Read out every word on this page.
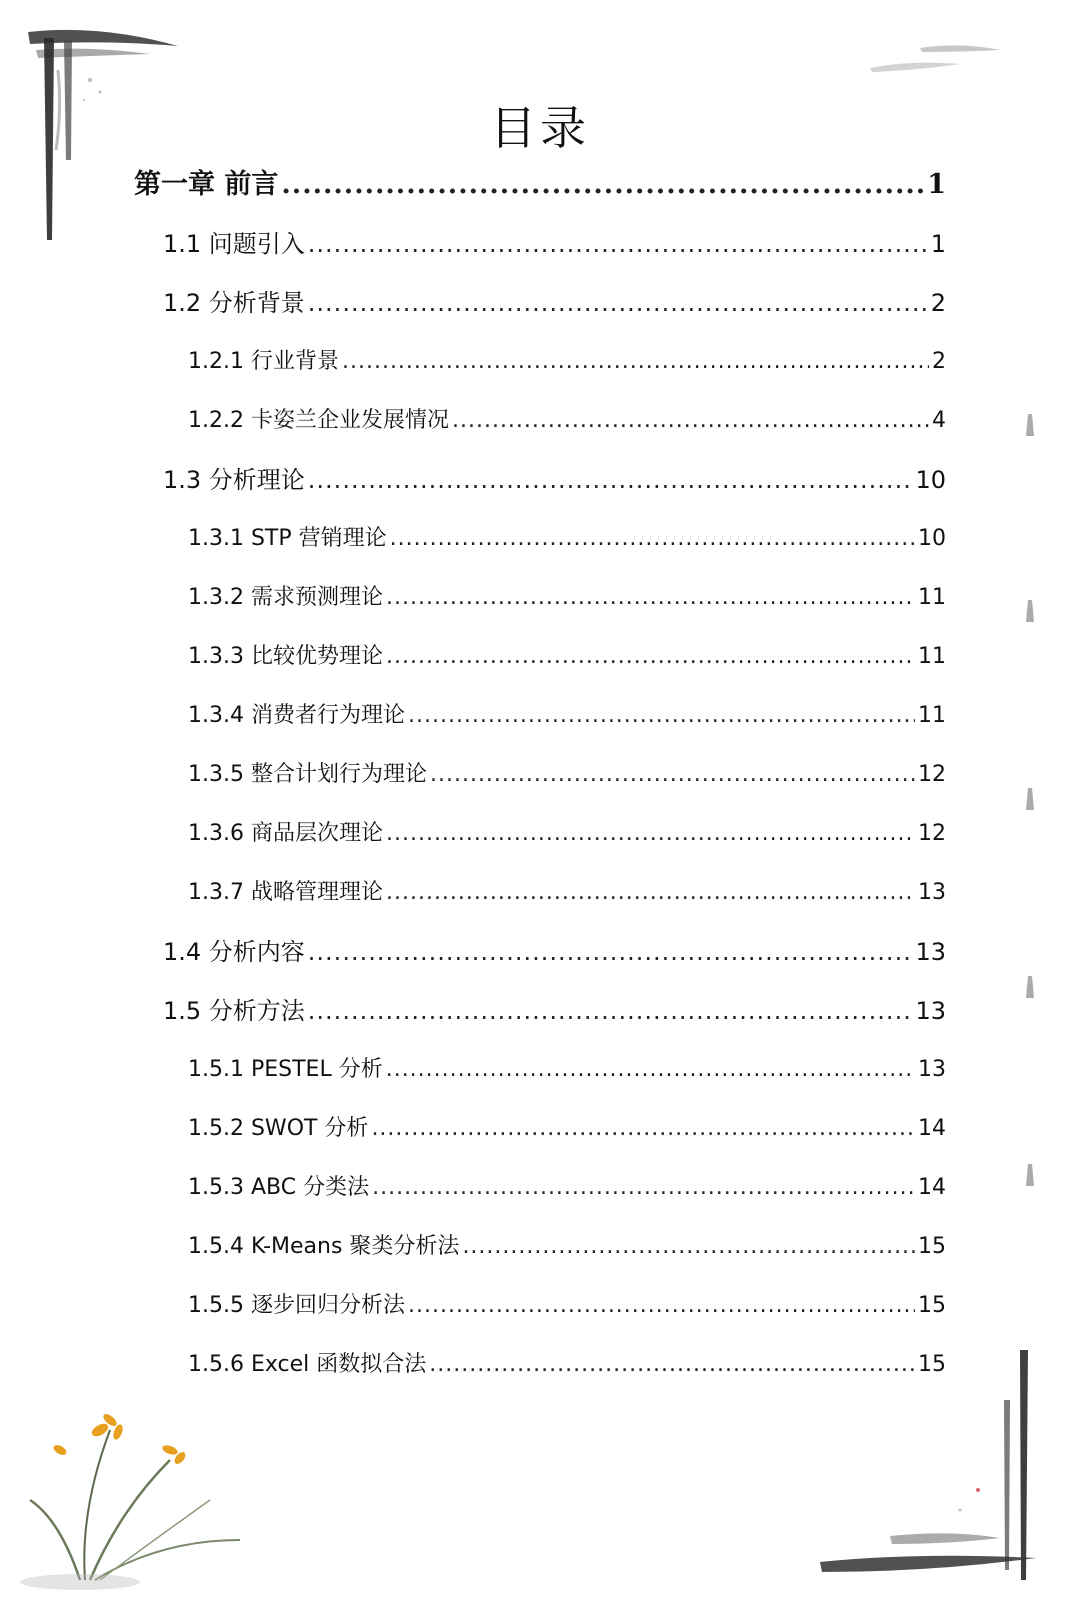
目录
第一章 前言 .....	1
1.1 问题引入 .....	1
1.2 分析背景 .....	2
1.2.1 行业背景 .....	2
1.2.2 卡姿兰企业发展情况 .....	4
1.3 分析理论 .....	10
1.3.1 STP 营销理论 .....	10
1.3.2 需求预测理论 .....	11
1.3.3 比较优势理论 .....	11
1.3.4 消费者行为理论 .....	11
1.3.5 整合计划行为理论 .....	12
1.3.6 商品层次理论 .....	12
1.3.7 战略管理理论 .....	13
1.4 分析内容 .....	13
1.5 分析方法 .....	13
1.5.1 PESTEL 分析 .....	13
1.5.2 SWOT 分析 .....	14
1.5.3 ABC 分类法 .....	14
1.5.4 K-Means 聚类分析法 .....	15
1.5.5 逐步回归分析法 .....	15
1.5.6 Excel 函数拟合法 .....	15
